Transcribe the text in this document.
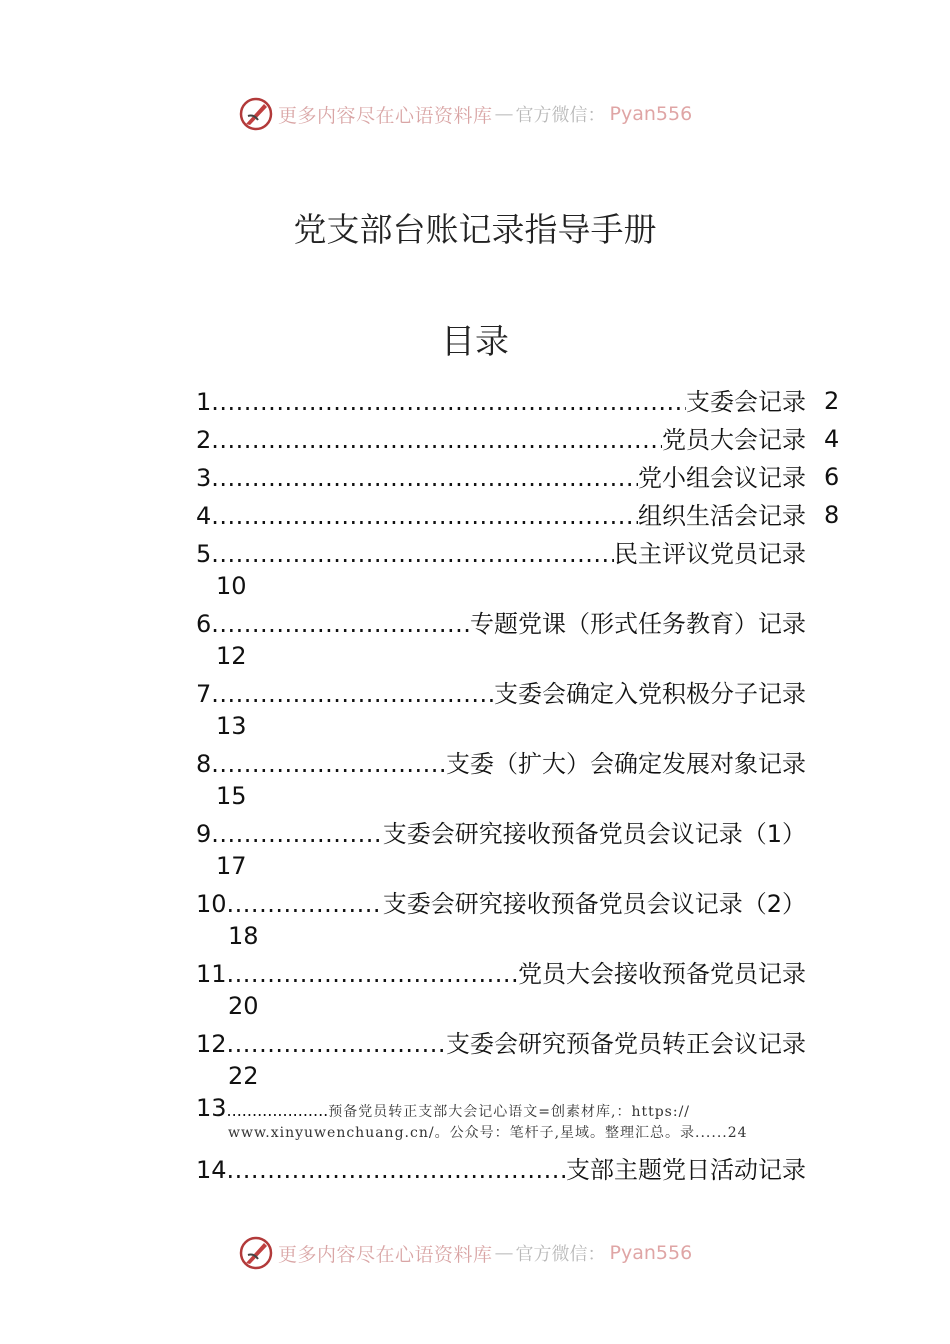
更多内容尽在心语资料库 — 官方微信： Pyan556
党支部台账记录指导手册
目录
1 .....	支委会记录 2
2 .....	党员大会记录 4
3 .....	党小组会议记录 6
4 .....	组织生活会记录 8
5 .....	民主评议党员记录
10
6 .....	专题党课（形式任务教育）记录
12
7 .....	支委会确定入党积极分子记录
13
8 .....	支委（扩大）会确定发展对象记录
15
9 .....	支委会研究接收预备党员会议记录（1）
17
10 .....	支委会研究接收预备党员会议记录（2）
18
11 .....	党员大会接收预备党员记录
20
12 .....	支委会研究预备党员转正会议记录
22
13 .................... 预备党员转正支部大会记心语文=创素材库,：https://
www.xinyuwenchuang.cn/。公众号：笔杆子,星域。整理汇总。录......24
14 .....	支部主题党日活动记录
更多内容尽在心语资料库 — 官方微信： Pyan556
